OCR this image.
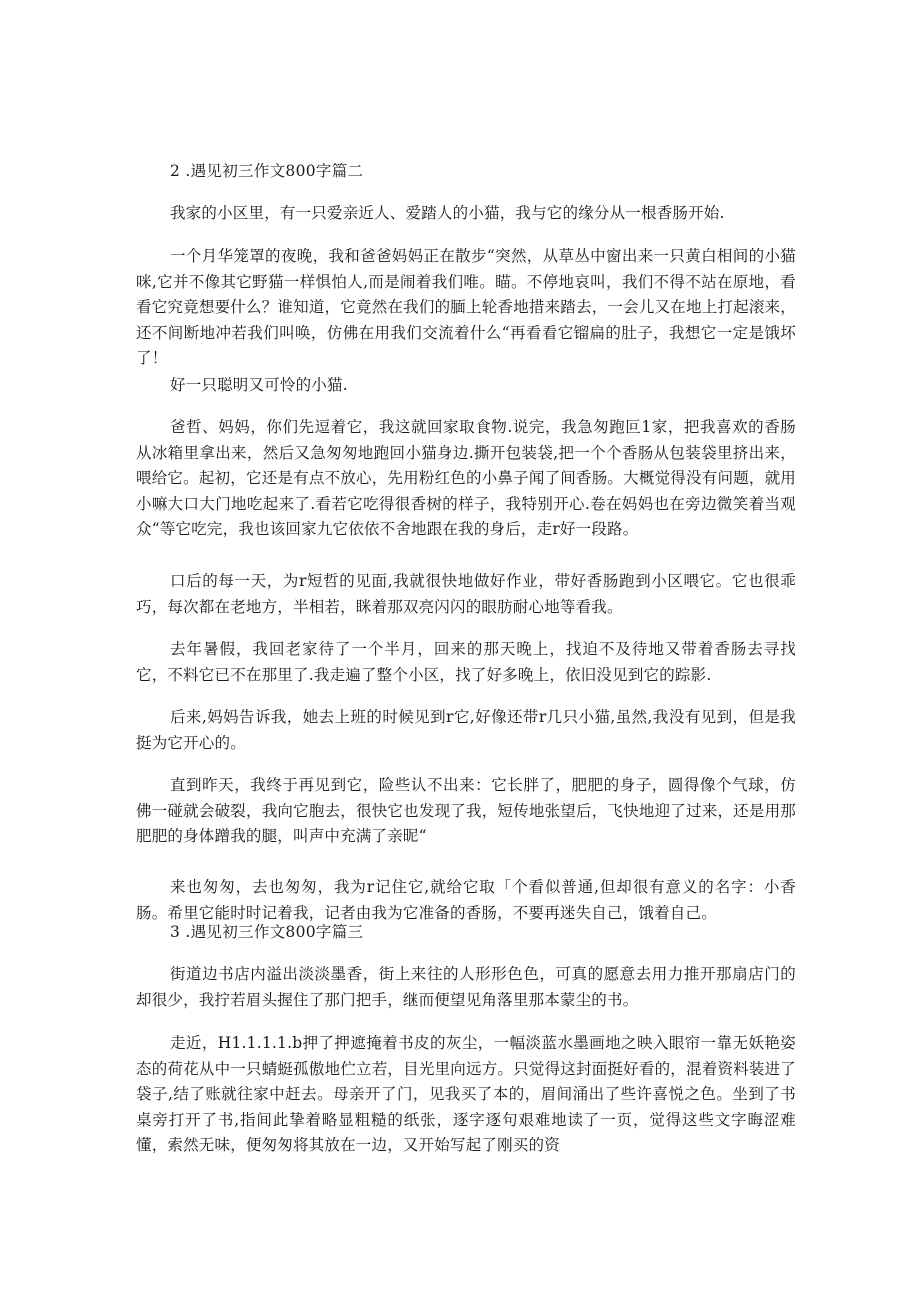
2 .遇见初三作文800字篇二

我家的小区里，有一只爱亲近人、爱踏人的小猫，我与它的缘分从一根香肠开始.

一个月华笼罩的夜晚，我和爸爸妈妈正在散步“突然，从草丛中窗出来一只黄白相间的小猫咪,它并不像其它野猫一样惧怕人,而是闹着我们唯。瞄。不停地哀叫，我们不得不站在原地，看看它究竟想要什么？谁知道，它竟然在我们的腼上轮香地措来踏去，一会儿又在地上打起滚来，还不间断地冲若我们叫唤，仿佛在用我们交流着什么“再看看它镏扁的肚子，我想它一定是饿坏了！

好一只聪明又可怜的小猫.

爸哲、妈妈，你们先逗着它，我这就回家取食物.说完，我急匆跑叵1家，把我喜欢的香肠从冰箱里拿出来，然后又急匆匆地跑回小猫身边.撕开包装袋,把一个个香肠从包装袋里挤出来，喂给它。起初，它还是有点不放心，先用粉红色的小鼻子闻了间香肠。大概觉得没有问题，就用小嘛大口大门地吃起来了.看若它吃得很香树的样子，我特别开心.卷在妈妈也在旁边微笑着当观众“等它吃完，我也该回家九它依依不舍地跟在我的身后，走r好一段路。

口后的每一天，为r短哲的见面,我就很快地做好作业，带好香肠跑到小区喂它。它也很乖巧，每次都在老地方，半相若，眯着那双亮闪闪的眼肪耐心地等看我。

去年暑假，我回老家待了一个半月，回来的那天晚上，找迫不及待地又带着香肠去寻找它，不料它已不在那里了.我走遍了整个小区，找了好多晚上，依旧没见到它的踪影.

后来,妈妈告诉我，她去上班的时候见到r它,好像还带r几只小猫,虽然,我没有见到，但是我挺为它开心的。

直到昨天，我终于再见到它，险些认不出来：它长胖了，肥肥的身子，圆得像个气球，仿佛一碰就会破裂，我向它胞去，很快它也发现了我，短传地张望后，飞快地迎了过来，还是用那肥肥的身体蹭我的腿，叫声中充满了亲昵“

来也匆匆，去也匆匆，我为r记住它,就给它取「个看似普通,但却很有意义的名字：小香肠。希里它能时时记着我，记者由我为它准备的香肠，不要再迷失自己，饿着自己。

3 .遇见初三作文800字篇三

街道边书店内溢出淡淡墨香，街上来往的人形形色色，可真的愿意去用力推开那扇店门的却很少，我拧若眉头握住了那门把手，继而便望见角落里那本蒙尘的书。

走近，H1.1.1.1.b押了押遮掩着书皮的灰尘，一幅淡蓝水墨画地之映入眼帘一靠无妖艳姿态的荷花从中一只蜻蜓孤傲地伫立若，目光里向远方。只觉得这封面挺好看的，混着资料装进了袋子,结了账就往家中赶去。母亲开了门，见我买了本的，眉间涌出了些许喜悦之色。坐到了书桌旁打开了书,指间此挚着略显粗糙的纸张，逐字逐句艰难地读了一页，觉得这些文字晦涩难懂，索然无味，便匆匆将其放在一边，又开始写起了刚买的资
